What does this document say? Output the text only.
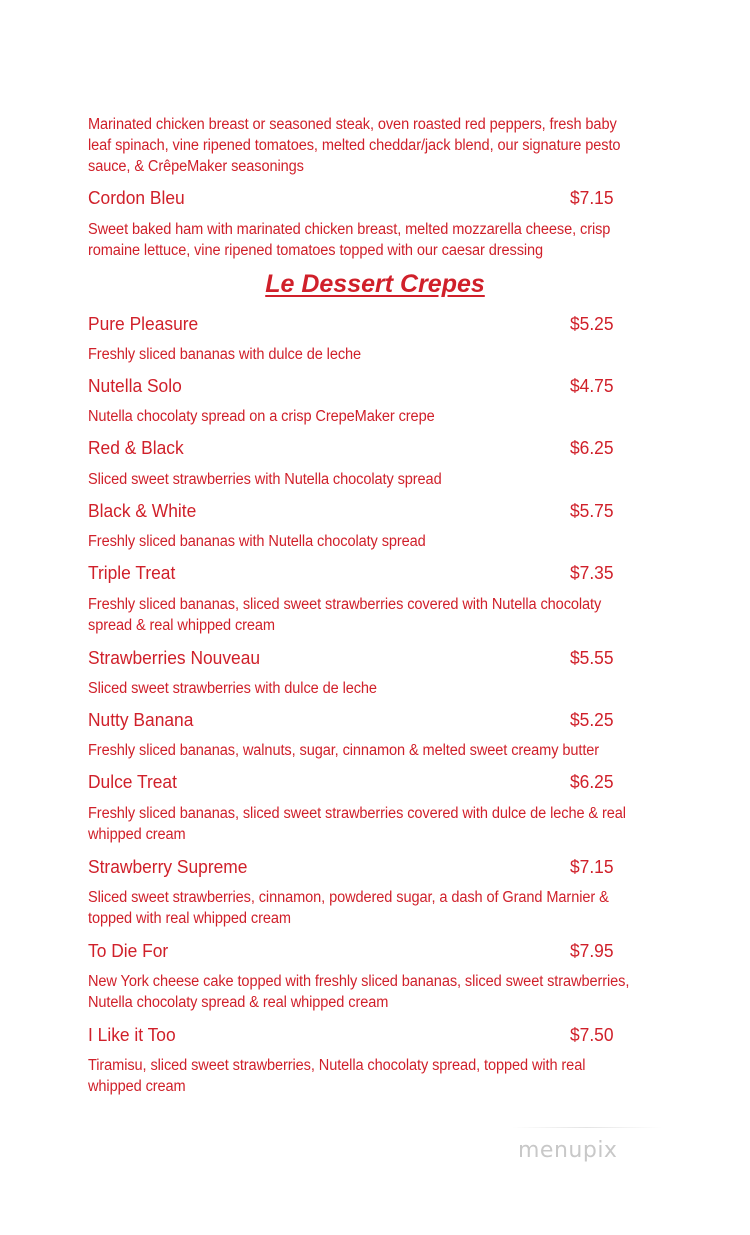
Marinated chicken breast or seasoned steak, oven roasted red peppers, fresh baby leaf spinach, vine ripened tomatoes, melted cheddar/jack blend, our signature pesto sauce, & CrêpeMaker seasonings
Cordon Bleu	$7.15
Sweet baked ham with marinated chicken breast, melted mozzarella cheese, crisp romaine lettuce, vine ripened tomatoes topped with our caesar dressing
Le Dessert Crepes
Pure Pleasure	$5.25
Freshly sliced bananas with dulce de leche
Nutella Solo	$4.75
Nutella chocolaty spread on a crisp CrepeMaker crepe
Red & Black	$6.25
Sliced sweet strawberries with Nutella chocolaty spread
Black & White	$5.75
Freshly sliced bananas with Nutella chocolaty spread
Triple Treat	$7.35
Freshly sliced bananas, sliced sweet strawberries covered with Nutella chocolaty spread & real whipped cream
Strawberries Nouveau	$5.55
Sliced sweet strawberries with dulce de leche
Nutty Banana	$5.25
Freshly sliced bananas, walnuts, sugar, cinnamon & melted sweet creamy butter
Dulce Treat	$6.25
Freshly sliced bananas, sliced sweet strawberries covered with dulce de leche & real whipped cream
Strawberry Supreme	$7.15
Sliced sweet strawberries, cinnamon, powdered sugar, a dash of Grand Marnier & topped with real whipped cream
To Die For	$7.95
New York cheese cake topped with freshly sliced bananas, sliced sweet strawberries, Nutella chocolaty spread & real whipped cream
I Like it Too	$7.50
Tiramisu, sliced sweet strawberries, Nutella chocolaty spread, topped with real whipped cream
menupix
